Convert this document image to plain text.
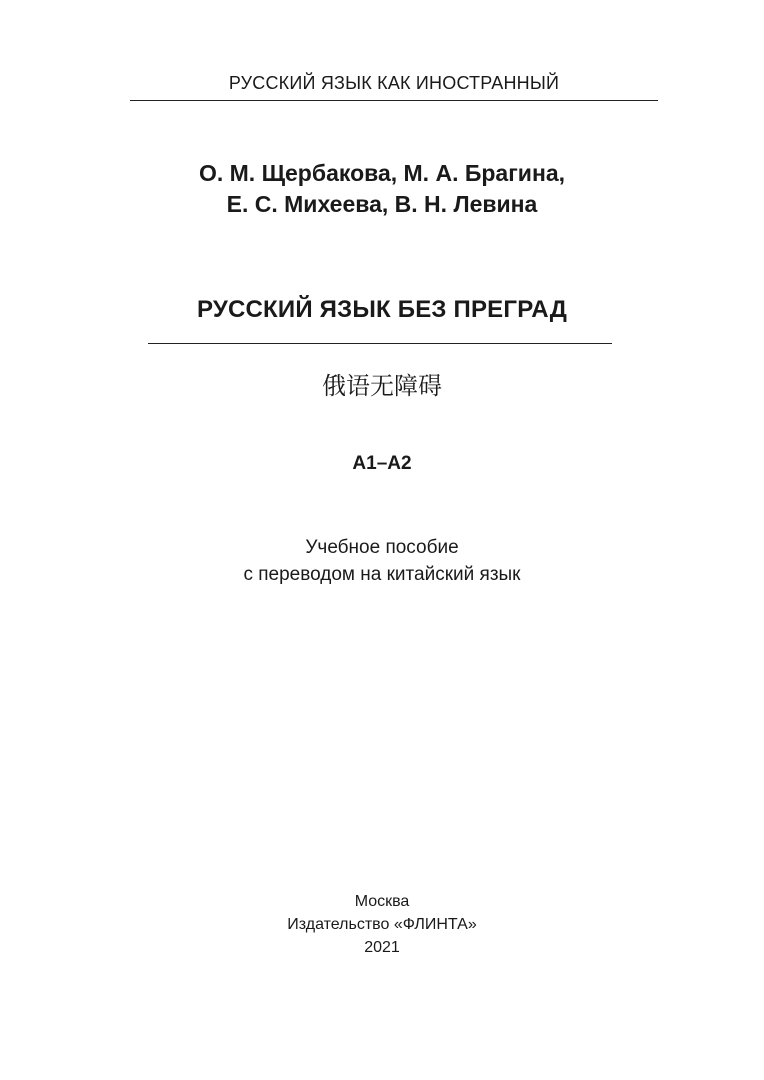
РУССКИЙ ЯЗЫК КАК ИНОСТРАННЫЙ
О. М. Щербакова, М. А. Брагина,
Е. С. Михеева, В. Н. Левина
РУССКИЙ ЯЗЫК БЕЗ ПРЕГРАД
俄语无障碍
А1–А2
Учебное пособие
с переводом на китайский язык
Москва
Издательство «ФЛИНТА»
2021
